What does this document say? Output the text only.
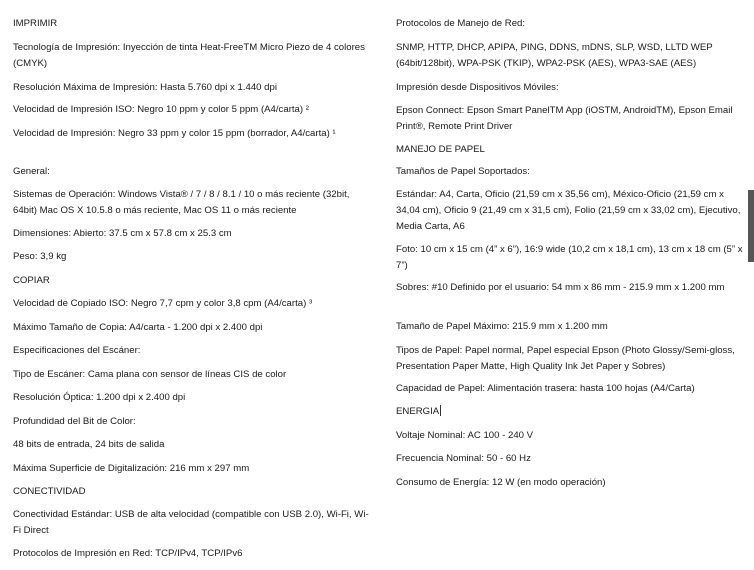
IMPRIMIR

Tecnología de Impresión: Inyección de tinta Heat-FreeTM Micro Piezo de 4 colores (CMYK)

Resolución Máxima de Impresión: Hasta 5.760 dpi x 1.440 dpi

Velocidad de Impresión ISO: Negro 10 ppm y color 5 ppm (A4/carta) ²

Velocidad de Impresión: Negro 33 ppm y color 15 ppm (borrador, A4/carta) ¹

General:

Sistemas de Operación: Windows Vista® / 7 / 8 / 8.1 / 10 o más reciente (32bit, 64bit) Mac OS X 10.5.8 o más reciente, Mac OS 11 o más reciente

Dimensiones: Abierto: 37.5 cm x 57.8 cm x 25.3 cm

Peso: 3,9 kg

COPIAR

Velocidad de Copiado ISO: Negro 7,7 cpm y color 3,8 cpm (A4/carta) ³

Máximo Tamaño de Copia: A4/carta - 1.200 dpi x 2.400 dpi

Especificaciones del Escáner:

Tipo de Escáner: Cama plana con sensor de líneas CIS de color

Resolución Óptica: 1.200 dpi x 2.400 dpi

Profundidad del Bit de Color:

48 bits de entrada, 24 bits de salida

Máxima Superficie de Digitalización: 216 mm x 297 mm

CONECTIVIDAD

Conectividad Estándar: USB de alta velocidad (compatible con USB 2.0), Wi-Fi, Wi-Fi Direct

Protocolos de Impresión en Red: TCP/IPv4, TCP/IPv6

Protocolos de Manejo de Red:

SNMP, HTTP, DHCP, APIPA, PING, DDNS, mDNS, SLP, WSD, LLTD WEP (64bit/128bit), WPA-PSK (TKIP), WPA2-PSK (AES), WPA3-SAE (AES)

Impresión desde Dispositivos Móviles:

Epson Connect: Epson Smart PanelTM App (iOSTM, AndroidTM), Epson Email Print®, Remote Print Driver

MANEJO DE PAPEL

Tamaños de Papel Soportados:

Estándar: A4, Carta, Oficio (21,59 cm x 35,56 cm), México-Oficio (21,59 cm x 34,04 cm), Oficio 9 (21,49 cm x 31,5 cm), Folio (21,59 cm x 33,02 cm), Ejecutivo, Media Carta, A6

Foto: 10 cm x 15 cm (4” x 6”), 16:9 wide (10,2 cm x 18,1 cm), 13 cm x 18 cm (5” x 7”)

Sobres: #10 Definido por el usuario: 54 mm x 86 mm - 215.9 mm x 1.200 mm

Tamaño de Papel Máximo: 215.9 mm x 1.200 mm

Tipos de Papel: Papel normal, Papel especial Epson (Photo Glossy/Semi-gloss, Presentation Paper Matte, High Quality Ink Jet Paper y Sobres)

Capacidad de Papel: Alimentación trasera: hasta 100 hojas (A4/Carta)

ENERGIA

Voltaje Nominal: AC 100 - 240 V

Frecuencia Nominal: 50 - 60 Hz

Consumo de Energía: 12 W (en modo operación)
